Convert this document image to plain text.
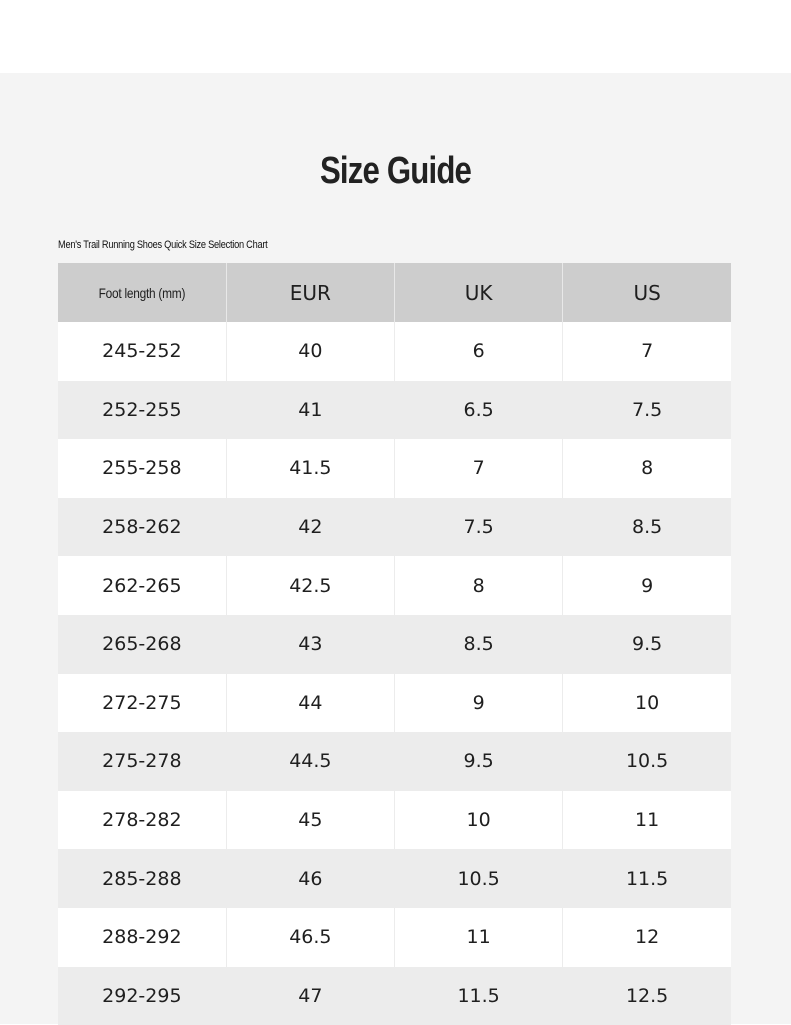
Size Guide
Men's Trail Running Shoes Quick Size Selection Chart
Foot length (mm)	EUR	UK	US
245-252	40	6	7
252-255	41	6.5	7.5
255-258	41.5	7	8
258-262	42	7.5	8.5
262-265	42.5	8	9
265-268	43	8.5	9.5
272-275	44	9	10
275-278	44.5	9.5	10.5
278-282	45	10	11
285-288	46	10.5	11.5
288-292	46.5	11	12
292-295	47	11.5	12.5
